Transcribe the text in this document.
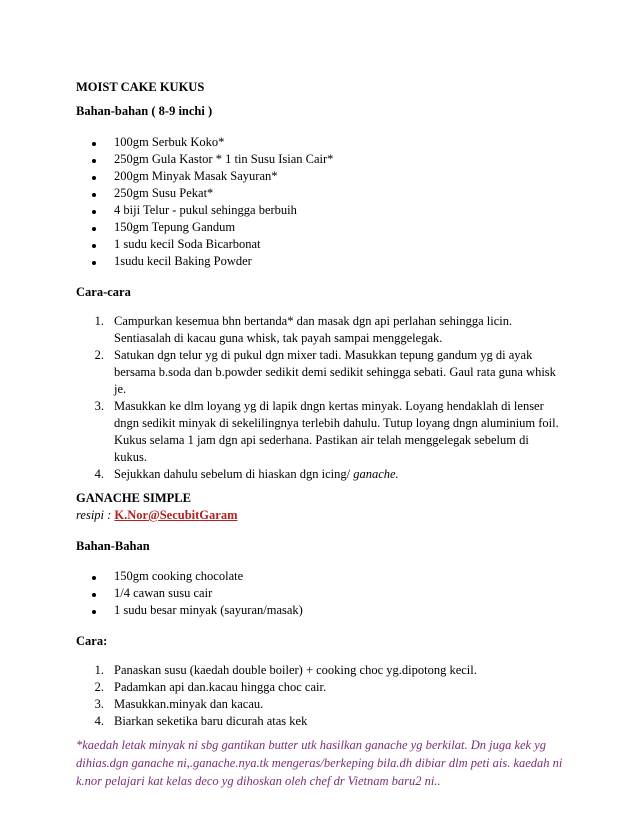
MOIST CAKE KUKUS
Bahan-bahan ( 8-9 inchi )
100gm Serbuk Koko*
250gm Gula Kastor * 1 tin Susu Isian Cair*
200gm Minyak Masak Sayuran*
250gm Susu Pekat*
4 biji Telur - pukul sehingga berbuih
150gm Tepung Gandum
1 sudu kecil Soda Bicarbonat
1sudu kecil Baking Powder
Cara-cara
1. Campurkan kesemua bhn bertanda* dan masak dgn api perlahan sehingga licin.
Sentiasalah di kacau guna whisk, tak payah sampai menggelegak.
2. Satukan dgn telur yg di pukul dgn mixer tadi. Masukkan tepung gandum yg di ayak
bersama b.soda dan b.powder sedikit demi sedikit sehingga sebati. Gaul rata guna whisk
je.
3. Masukkan ke dlm loyang yg di lapik dngn kertas minyak. Loyang hendaklah di lenser
dngn sedikit minyak di sekelilingnya terlebih dahulu. Tutup loyang dngn aluminium foil.
Kukus selama 1 jam dgn api sederhana. Pastikan air telah menggelegak sebelum di
kukus.
4. Sejukkan dahulu sebelum di hiaskan dgn icing/ ganache.
GANACHE SIMPLE
resipi : K.Nor@SecubitGaram
Bahan-Bahan
150gm cooking chocolate
1/4 cawan susu cair
1 sudu besar minyak (sayuran/masak)
Cara:
1. Panaskan susu (kaedah double boiler) + cooking choc yg.dipotong kecil.
2. Padamkan api dan.kacau hingga choc cair.
3. Masukkan.minyak dan kacau.
4. Biarkan seketika baru dicurah atas kek
*kaedah letak minyak ni sbg gantikan butter utk hasilkan ganache yg berkilat. Dn juga kek yg
dihias.dgn ganache ni,.ganache.nya.tk mengeras/berkeping bila.dh dibiar dlm peti ais. kaedah ni
k.nor pelajari kat kelas deco yg dihoskan oleh chef dr Vietnam baru2 ni..
